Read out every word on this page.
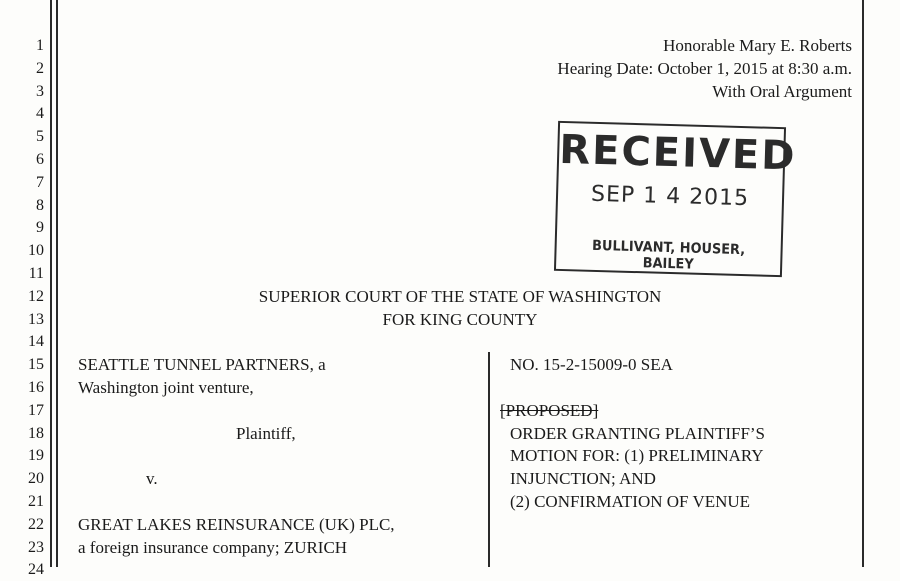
1
2
3
4
5
6
7
8
9
10
11
12
13
14
15
16
17
18
19
20
21
22
23
24
Honorable Mary E. Roberts
Hearing Date: October 1, 2015 at 8:30 a.m.
With Oral Argument
RECEIVED
SEP 1 4 2015
BULLIVANT, HOUSER, BAILEY
SUPERIOR COURT OF THE STATE OF WASHINGTON
FOR KING COUNTY
SEATTLE TUNNEL PARTNERS, a
Washington joint venture,
Plaintiff,
v.
GREAT LAKES REINSURANCE (UK) PLC,
a foreign insurance company; ZURICH
NO. 15-2-15009-0 SEA
[PROPOSED]
ORDER GRANTING PLAINTIFF’S
MOTION FOR: (1) PRELIMINARY
INJUNCTION; AND
(2) CONFIRMATION OF VENUE
